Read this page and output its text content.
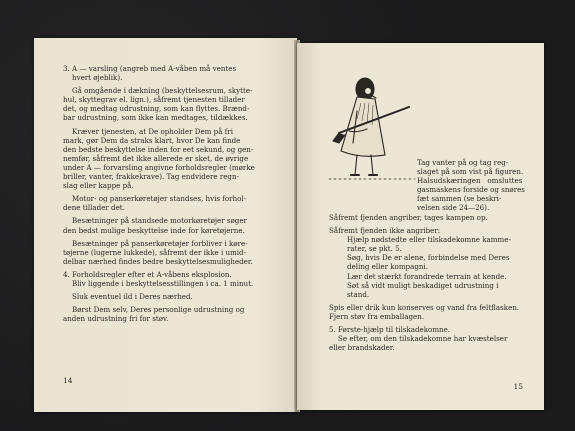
3. A — varsling (angreb med A-våben må ventes
hvert øjeblik).
Gå omgående i dækning (beskyttelsesrum, skytte-
hul, skyttegrav el. lign.), såfremt tjenesten tillader
det, og medtag udrustning, som kan flyttes. Brænd-
bar udrustning, som ikke kan medtages, tildækkes.
Kræver tjenesten, at De opholder Dem på fri
mark, gør Dem da straks klart, hvor De kan finde
den bedste beskyttelse inden for eet sekund, og gen-
nemfør, såfremt det ikke allerede er sket, de øvrige
under A — forvarsling angivne forholdsregler (mørke
briller, vanter, frakkekrave). Tag endvidere regn-
slag eller kappe på.
Motor- og panserkøretøjer standses, hvis forhol-
dene tillader det.
Besætninger på standsede motorkøretøjer søger
den bedst mulige beskyttelse inde for køretøjerne.
Besætninger på panserkøretøjer forbliver i køre-
tøjerne (lugerne lukkede), såfremt der ikke i umid-
delbar nærhed findes bedre beskyttelsesmuligheder.
4. Forholdsregler efter et A-våbens eksplosion.
Bliv liggende i beskyttelsesstillingen i ca. 1 minut.
Sluk eventuel ild i Deres nærhed.
Børst Dem selv, Deres personlige udrustning og
anden udrustning fri for støv.
14
Tag vanter på og tag reg-
slaget på som vist på figuren.
Halsudskæringen   omsluttes
gasmaskens forside og snøres
fæt sammen (se beskri-
velsen side 24—26).
Såfremt fjenden angriber, tages kampen op.
Såfremt fjenden ikke angriber:
Hjælp nødstedte eller tilskadekomne kamme-
rater, se pkt. 5.
Søg, hvis De er alene, forbindelse med Deres
deling eller kompagni.
Lær det stærkt forandrede terrain at kende.
Søt så vidt muligt beskadiget udrustning i
stand.
Spis eller drik kun konserves og vand fra feltflasken.
Fjern støv fra emballagen.
5. Første-hjælp til tilskadekomne.
Se efter, om den tilskadekomne har kvæstelser
eller brandskader.
15
